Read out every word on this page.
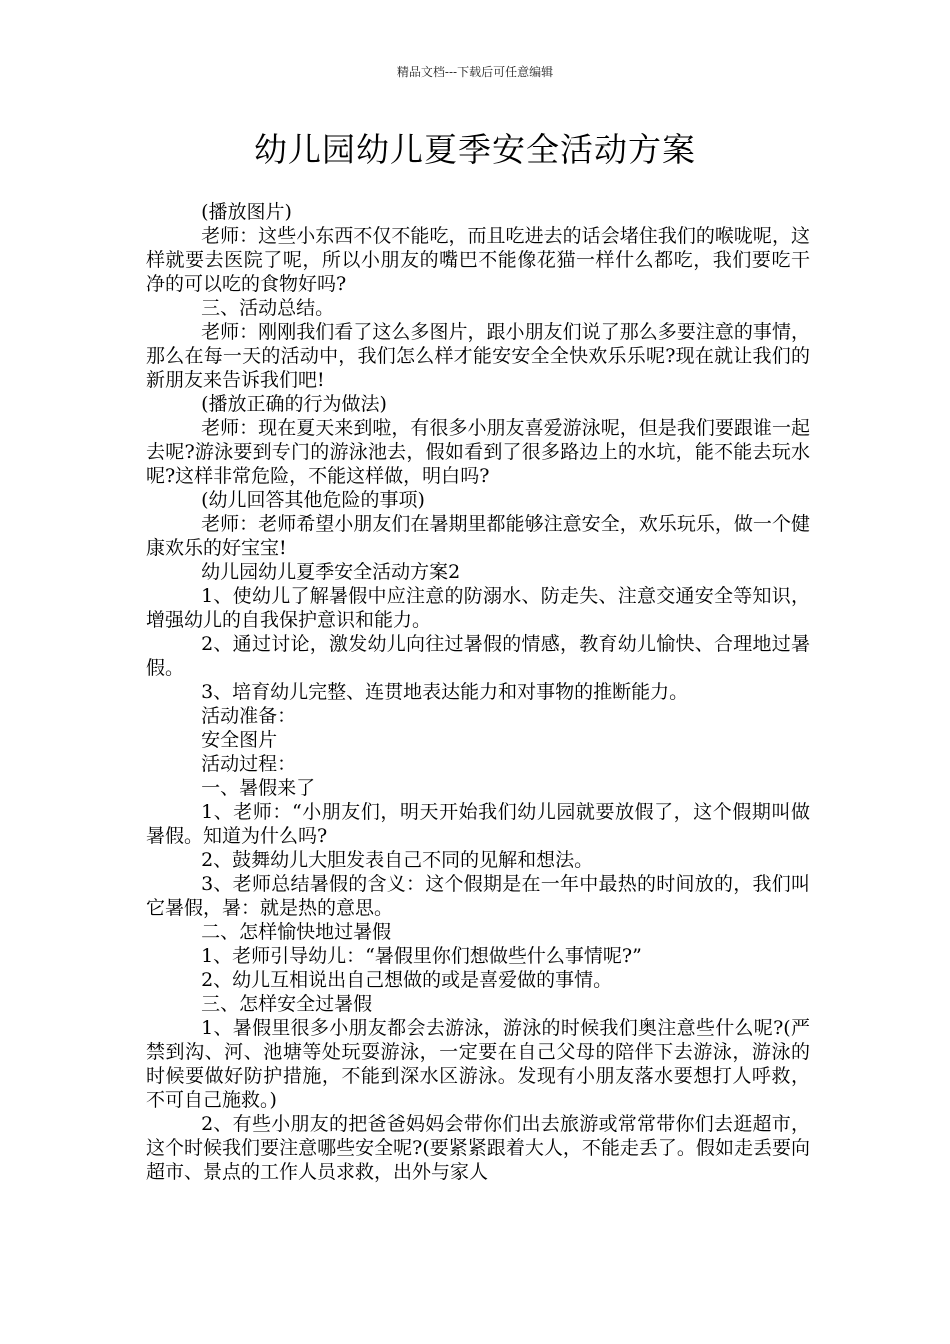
精品文档---下载后可任意编辑
幼儿园幼儿夏季安全活动方案

(播放图片)

老师：这些小东西不仅不能吃，而且吃进去的话会堵住我们的喉咙呢，这样就要去医院了呢，所以小朋友的嘴巴不能像花猫一样什么都吃，我们要吃干净的可以吃的食物好吗?

三、活动总结。

老师：刚刚我们看了这么多图片，跟小朋友们说了那么多要注意的事情，那么在每一天的活动中，我们怎么样才能安安全全快欢乐乐呢?现在就让我们的新朋友来告诉我们吧!

(播放正确的行为做法)

老师：现在夏天来到啦，有很多小朋友喜爱游泳呢，但是我们要跟谁一起去呢?游泳要到专门的游泳池去，假如看到了很多路边上的水坑，能不能去玩水呢?这样非常危险，不能这样做，明白吗?

(幼儿回答其他危险的事项)

老师：老师希望小朋友们在暑期里都能够注意安全，欢乐玩乐，做一个健康欢乐的好宝宝!

幼儿园幼儿夏季安全活动方案2

1、使幼儿了解暑假中应注意的防溺水、防走失、注意交通安全等知识，增强幼儿的自我保护意识和能力。

2、通过讨论，激发幼儿向往过暑假的情感，教育幼儿愉快、合理地过暑假。

3、培育幼儿完整、连贯地表达能力和对事物的推断能力。

活动准备：

安全图片

活动过程：

一、暑假来了

1、老师：“小朋友们，明天开始我们幼儿园就要放假了，这个假期叫做暑假。知道为什么吗?

2、鼓舞幼儿大胆发表自己不同的见解和想法。

3、老师总结暑假的含义：这个假期是在一年中最热的时间放的，我们叫它暑假，暑：就是热的意思。

二、怎样愉快地过暑假

1、老师引导幼儿：“暑假里你们想做些什么事情呢?”

2、幼儿互相说出自己想做的或是喜爱做的事情。

三、怎样安全过暑假

1、暑假里很多小朋友都会去游泳，游泳的时候我们奥注意些什么呢?(严禁到沟、河、池塘等处玩耍游泳，一定要在自己父母的陪伴下去游泳，游泳的时候要做好防护措施，不能到深水区游泳。发现有小朋友落水要想打人呼救，不可自己施救。)

2、有些小朋友的把爸爸妈妈会带你们出去旅游或常常带你们去逛超市，这个时候我们要注意哪些安全呢?(要紧紧跟着大人，不能走丢了。假如走丢要向超市、景点的工作人员求救，出外与家人
